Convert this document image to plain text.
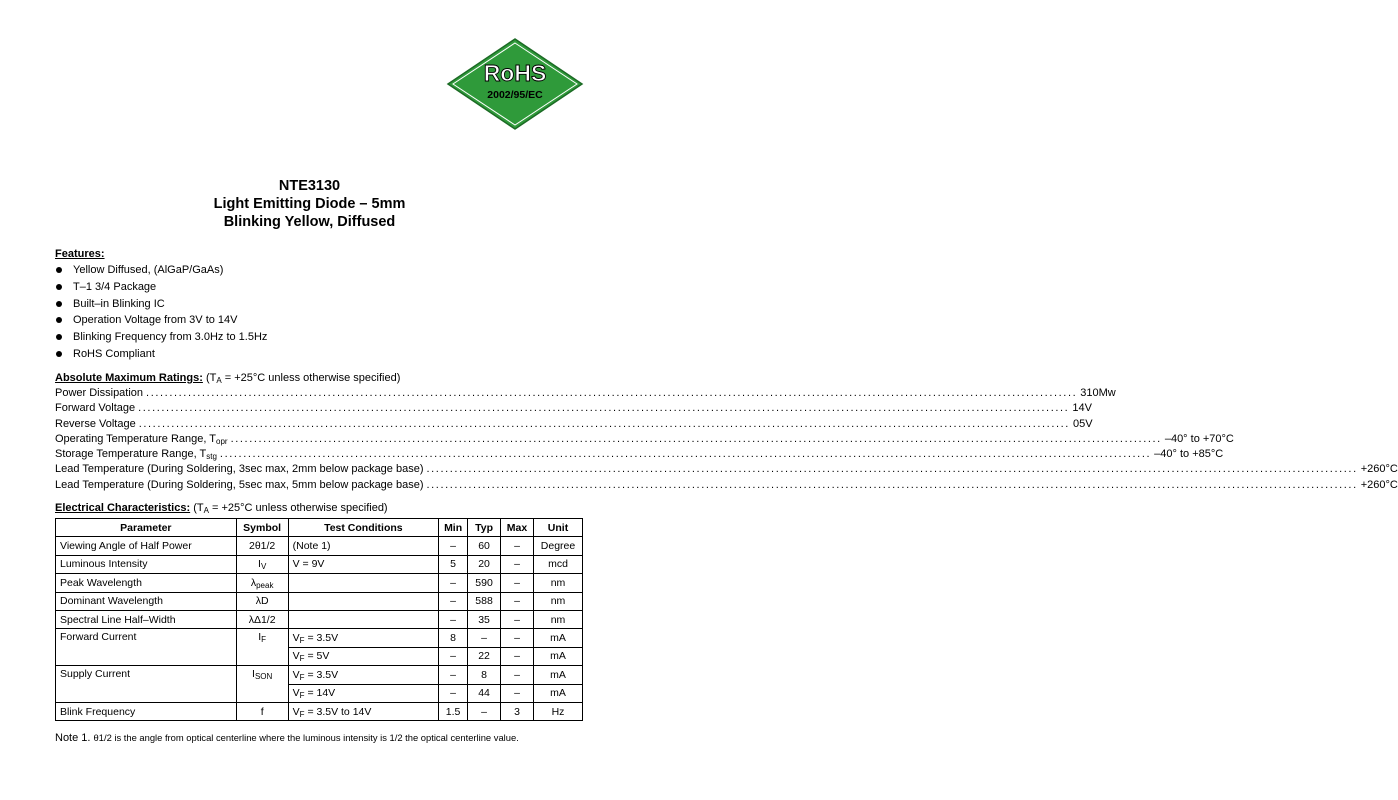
RoHS
2002/95/EC
NTE3130
Light Emitting Diode – 5mm
Blinking Yellow, Diffused
Features:
Yellow Diffused, (AlGaP/GaAs)
T–1 3/4 Package
Built–in Blinking IC
Operation Voltage from 3V to 14V
Blinking Frequency from 3.0Hz to 1.5Hz
RoHS Compliant
Absolute Maximum Ratings: ($T_A = +25^\circ C$ unless otherwise specified)
Power Dissipation ........................................................................................................................................................................................................ 310Mw
Forward Voltage ........................................................................................................................................................................................................ 14V
Reverse Voltage ........................................................................................................................................................................................................ 05V
Operating Temperature Range, $T_{opr}$ ........................................................................................................................................................................................................ –40° to +70°C
Storage Temperature Range, $T_{stg}$ ........................................................................................................................................................................................................ –40° to +85°C
Lead Temperature (During Soldering, 3sec max, 2mm below package base) ........................................................................................................................................................................................................ +260°C
Lead Temperature (During Soldering, 5sec max, 5mm below package base) ........................................................................................................................................................................................................ +260°C
Electrical Characteristics: ($T_A = +25^\circ C$ unless otherwise specified)
Parameter	Symbol	Test Conditions	Min	Typ	Max	Unit
Viewing Angle of Half Power	2θ1/2	(Note 1)	–	60	–	Degree
Luminous Intensity	$I_V$	V = 9V	5	20	–	mcd
Peak Wavelength	$\lambda_{peak}$		–	590	–	nm
Dominant Wavelength	λD		–	588	–	nm
Spectral Line Half–Width	λΔ1/2		–	35	–	nm
Forward Current	$I_F$	$V_F = 3.5V$	8	–	–	mA
		$V_F = 5V$	–	22	–	mA
Supply Current	$I_{SON}$	$V_F = 3.5V$	–	8	–	mA
		$V_F = 14V$	–	44	–	mA
Blink Frequency	f	$V_F = 3.5V$ to 14V	1.5	–	3	Hz
Note 1. θ1/2 is the angle from optical centerline where the luminous intensity is 1/2 the optical centerline value.
